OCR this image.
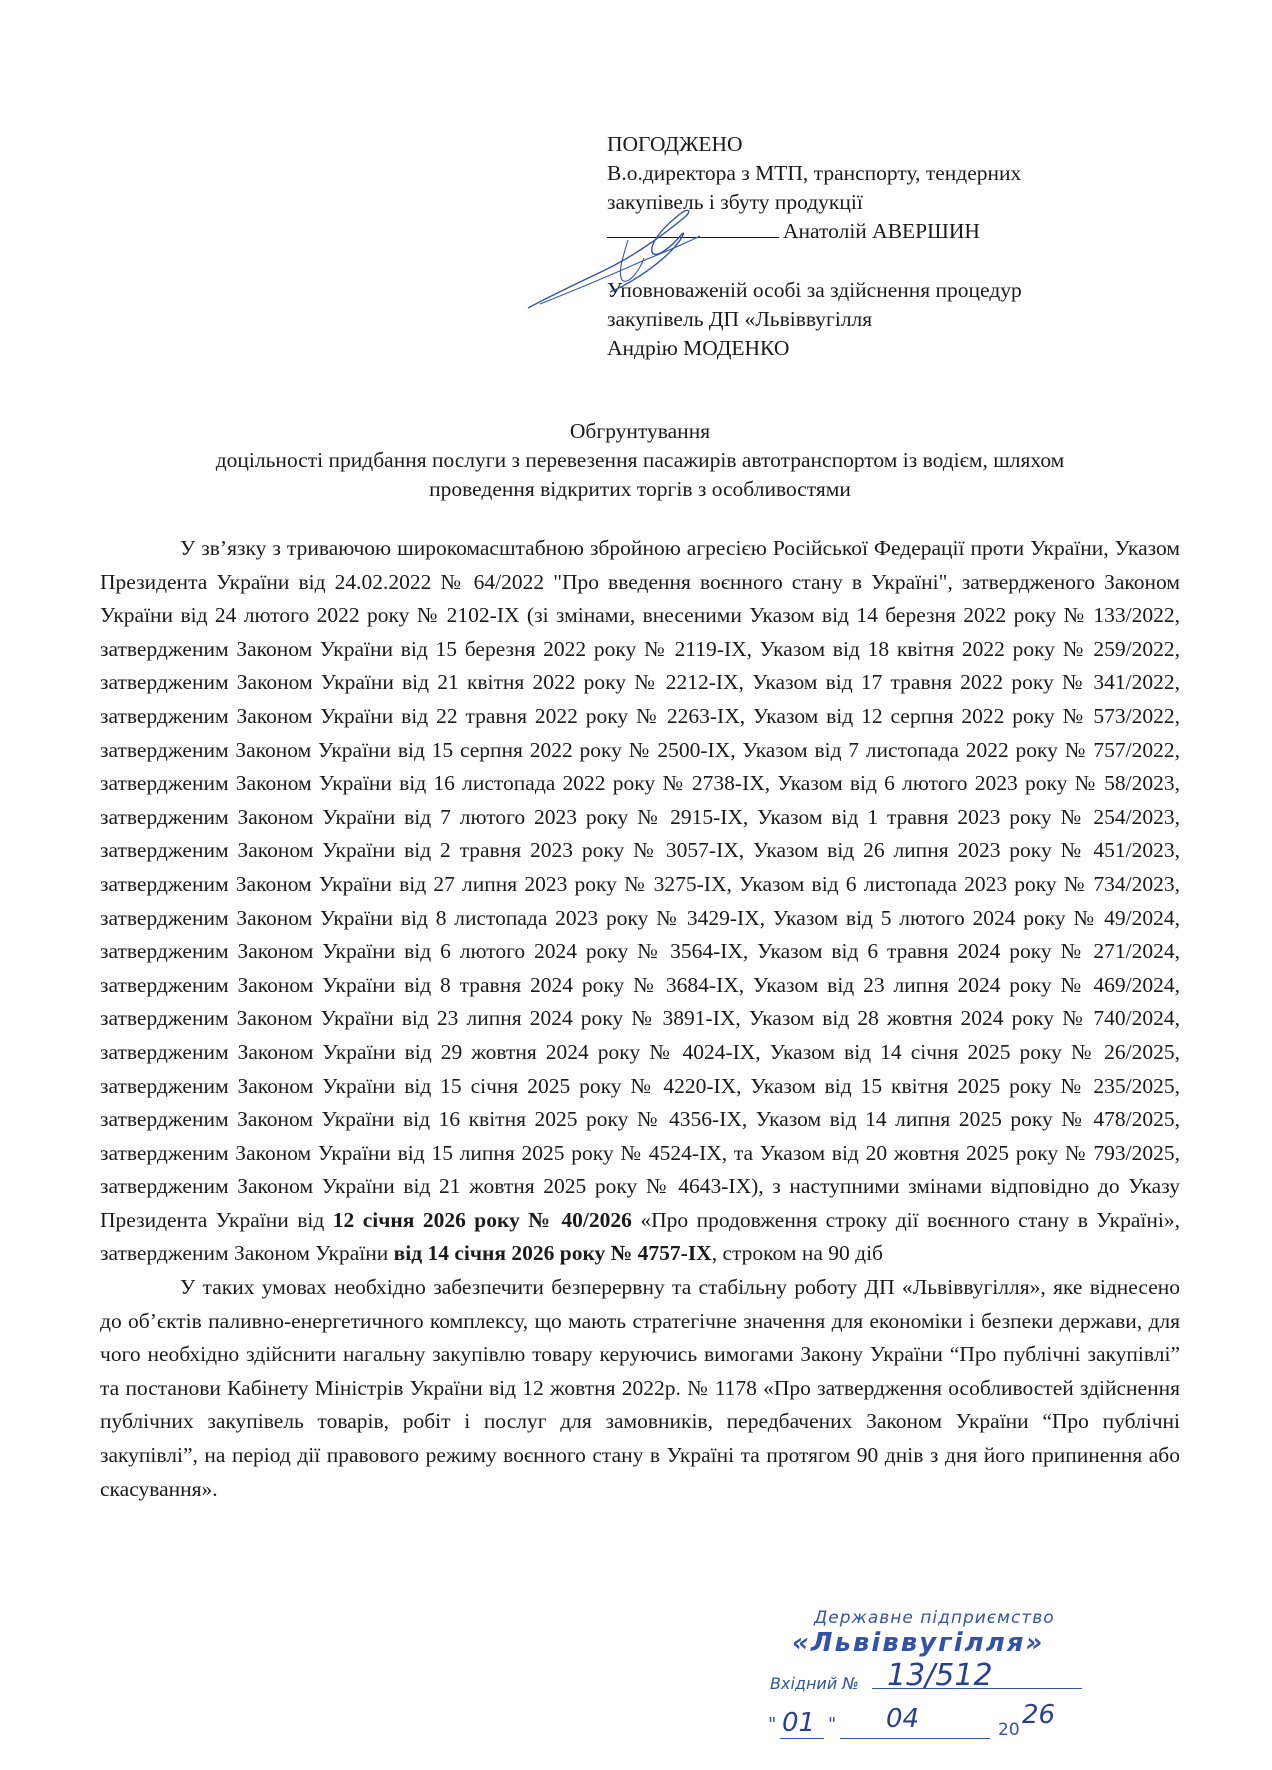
ПОГОДЖЕНО
В.о.директора з МТП, транспорту, тендерних
закупівель і збуту продукції
Анатолій АВЕРШИН
Уповноваженій особі за здійснення процедур
закупівель ДП «Львіввугілля
Андрію МОДЕНКО
Обгрунтування
доцільності придбання послуги з перевезення пасажирів автотранспортом із водієм, шляхом
проведення відкритих торгів з особливостями

У зв’язку з триваючою широкомасштабною збройною агресією Російської Федерації проти України, Указом Президента України від 24.02.2022 № 64/2022 "Про введення воєнного стану в Україні", затвердженого Законом України від 24 лютого 2022 року № 2102-IX (зі змінами, внесеними Указом від 14 березня 2022 року № 133/2022, затвердженим Законом України від 15 березня 2022 року № 2119-IX, Указом від 18 квітня 2022 року № 259/2022, затвердженим Законом України від 21 квітня 2022 року № 2212-IX, Указом від 17 травня 2022 року № 341/2022, затвердженим Законом України від 22 травня 2022 року № 2263-IX, Указом від 12 серпня 2022 року № 573/2022, затвердженим Законом України від 15 серпня 2022 року № 2500-IX, Указом від 7 листопада 2022 року № 757/2022, затвердженим Законом України від 16 листопада 2022 року № 2738-IX, Указом від 6 лютого 2023 року № 58/2023, затвердженим Законом України від 7 лютого 2023 року № 2915-IX, Указом від 1 травня 2023 року № 254/2023, затвердженим Законом України від 2 травня 2023 року № 3057-IX, Указом від 26 липня 2023 року № 451/2023, затвердженим Законом України від 27 липня 2023 року № 3275-IX, Указом від 6 листопада 2023 року № 734/2023, затвердженим Законом України від 8 листопада 2023 року № 3429-IX, Указом від 5 лютого 2024 року № 49/2024, затвердженим Законом України від 6 лютого 2024 року № 3564-IX, Указом від 6 травня 2024 року № 271/2024, затвердженим Законом України від 8 травня 2024 року № 3684-IX, Указом від 23 липня 2024 року № 469/2024, затвердженим Законом України від 23 липня 2024 року № 3891-IX, Указом від 28 жовтня 2024 року № 740/2024, затвердженим Законом України від 29 жовтня 2024 року № 4024-IX, Указом від 14 січня 2025 року № 26/2025, затвердженим Законом України від 15 січня 2025 року № 4220-IX, Указом від 15 квітня 2025 року № 235/2025, затвердженим Законом України від 16 квітня 2025 року № 4356-IX, Указом від 14 липня 2025 року № 478/2025, затвердженим Законом України від 15 липня 2025 року № 4524-IX, та Указом від 20 жовтня 2025 року № 793/2025, затвердженим Законом України від 21 жовтня 2025 року № 4643-IX), з наступними змінами відповідно до Указу Президента України від 12 січня 2026 року № 40/2026 «Про продовження строку дії воєнного стану в Україні», затвердженим Законом України від 14 січня 2026 року № 4757-IX, строком на 90 діб

У таких умовах необхідно забезпечити безперервну та стабільну роботу ДП «Львіввугілля», яке віднесено до об’єктів паливно-енергетичного комплексу, що мають стратегічне значення для економіки і безпеки держави, для чого необхідно здійснити нагальну закупівлю товару керуючись вимогами Закону України “Про публічні закупівлі” та постанови Кабінету Міністрів України від 12 жовтня 2022р. № 1178 «Про затвердження особливостей здійснення публічних закупівель товарів, робіт і послуг для замовників, передбачених Законом України “Про публічні закупівлі”, на період дії правового режиму воєнного стану в Україні та протягом 90 днів з дня його припинення або скасування».

Державне підприємство
«Львіввугілля»
Вхідний № 13/512
" 01 " 04	20 26
